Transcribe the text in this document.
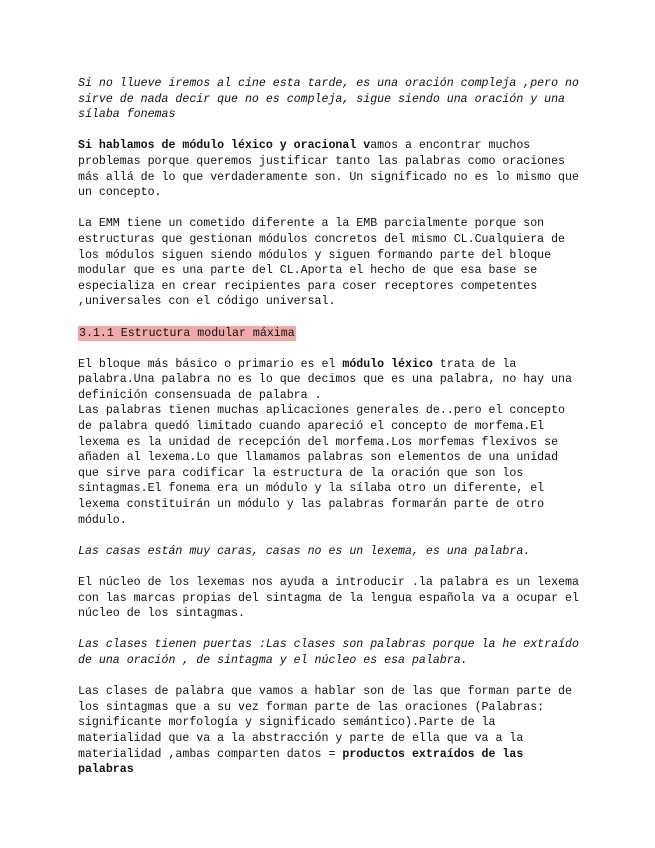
Si no llueve iremos al cine esta tarde, es una oración compleja ,pero no sirve de nada decir que no es compleja, sigue siendo una oración y una sílaba fonemas

Si hablamos de módulo léxico y oracional vamos a encontrar muchos problemas porque queremos justificar tanto las palabras como oraciones más allá de lo que verdaderamente son. Un significado no es lo mismo que un concepto.

La EMM tiene un cometido diferente a la EMB parcialmente porque son estructuras que gestionan módulos concretos del mismo CL.Cualquiera de los módulos siguen siendo módulos y siguen formando parte del bloque modular que es una parte del CL.Aporta el hecho de que esa base se especializa en crear recipientes para coser receptores competentes ,universales con el código universal.

3.1.1 Estructura modular máxima

El bloque más básico o primario es el módulo léxico trata de la palabra.Una palabra no es lo que decimos que es una palabra, no hay una definición consensuada de palabra .
Las palabras tienen muchas aplicaciones generales de..pero el concepto de palabra quedó limitado cuando apareció el concepto de morfema.El lexema es la unidad de recepción del morfema.Los morfemas flexivos se añaden al lexema.Lo que llamamos palabras son elementos de una unidad que sirve para codificar la estructura de la oración que son los sintagmas.El fonema era un módulo y la sílaba otro un diferente, el lexema constituirán un módulo y las palabras formarán parte de otro módulo.

Las casas están muy caras, casas no es un lexema, es una palabra.

El núcleo de los lexemas nos ayuda a introducir .la palabra es un lexema con las marcas propias del sintagma de la lengua española va a ocupar el núcleo de los sintagmas.

Las clases tienen puertas :Las clases son palabras porque la he extraído de una oración , de sintagma y el núcleo es esa palabra.

Las clases de palabra que vamos a hablar son de las que forman parte de los sintagmas que a su vez forman parte de las oraciones (Palabras: significante morfología y significado semántico).Parte de la materialidad que va a la abstracción y parte de ella que va a la materialidad ,ambas comparten datos = productos extraídos de las palabras
